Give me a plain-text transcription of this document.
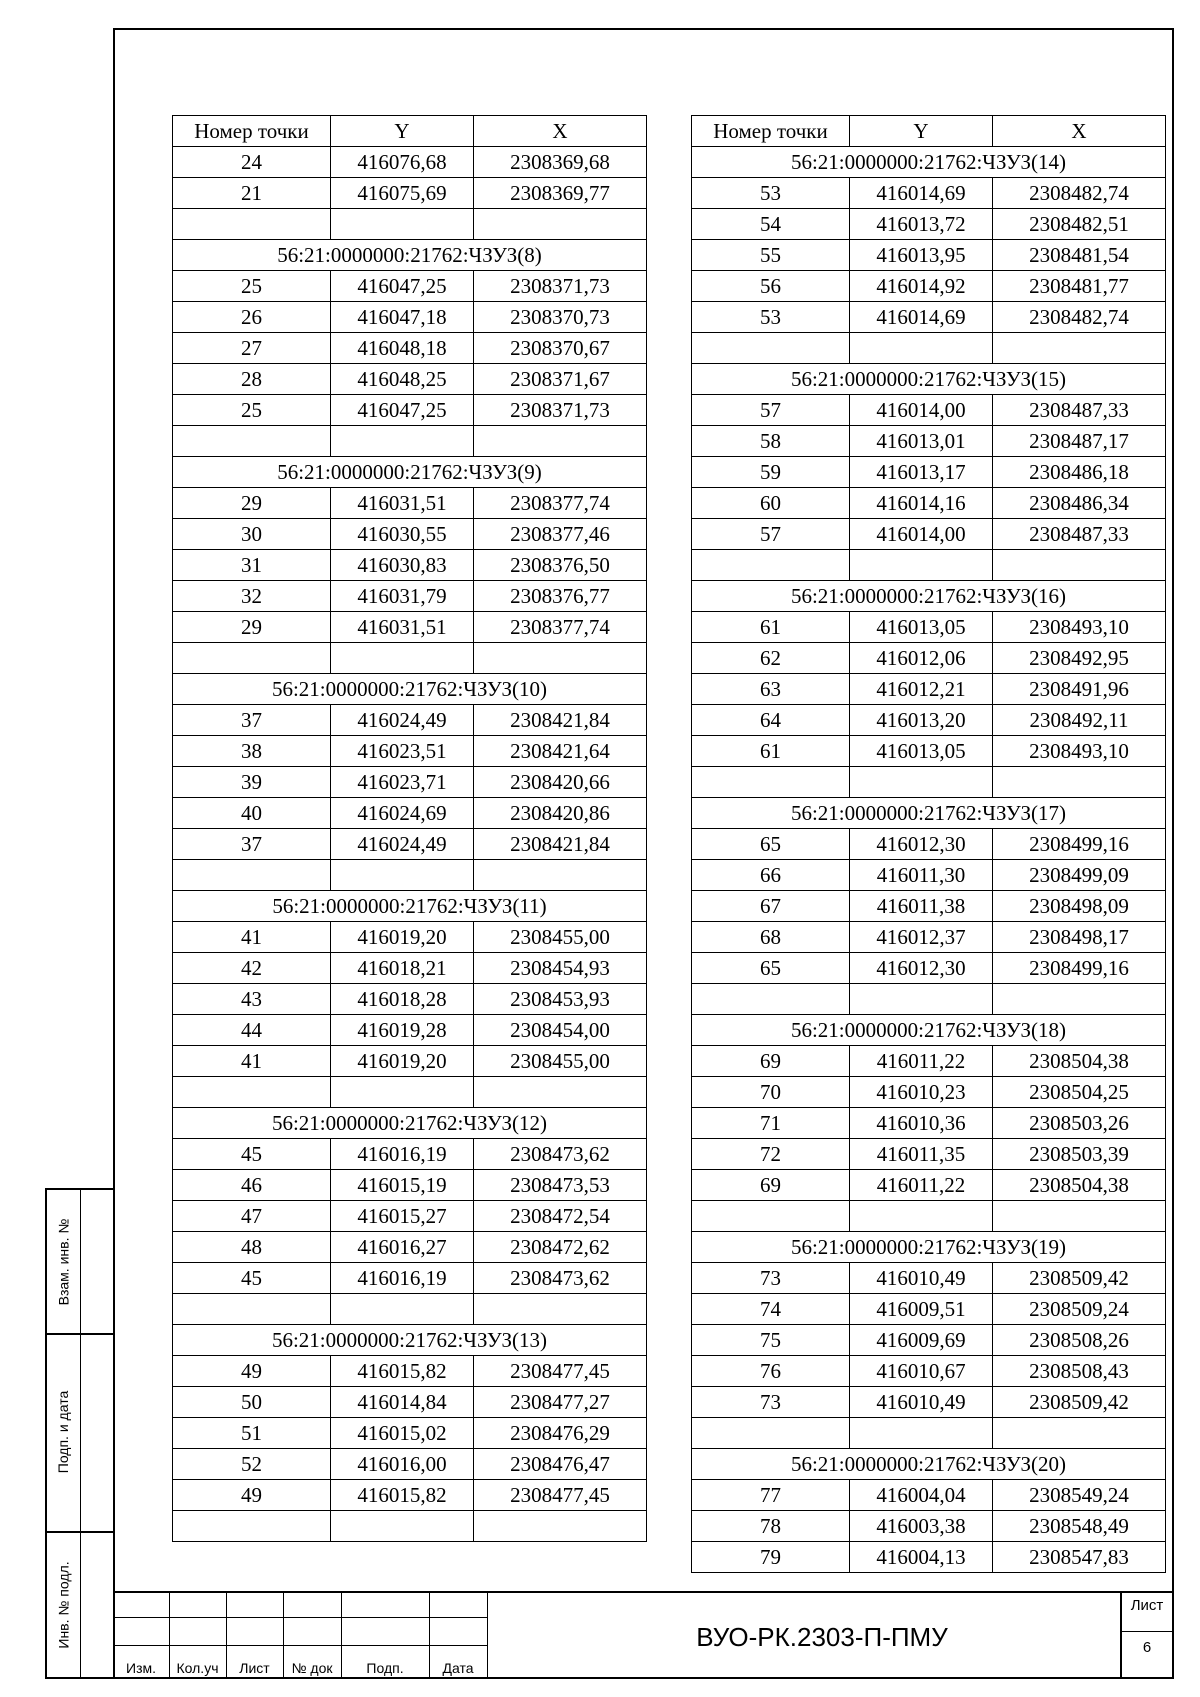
Номер точки	Y	X
24	416076,68	2308369,68
21	416075,69	2308369,77

56:21:0000000:21762:ЧЗУЗ(8)		
25	416047,25	2308371,73
26	416047,18	2308370,73
27	416048,18	2308370,67
28	416048,25	2308371,67
25	416047,25	2308371,73

56:21:0000000:21762:ЧЗУЗ(9)		
29	416031,51	2308377,74
30	416030,55	2308377,46
31	416030,83	2308376,50
32	416031,79	2308376,77
29	416031,51	2308377,74

56:21:0000000:21762:ЧЗУЗ(10)		
37	416024,49	2308421,84
38	416023,51	2308421,64
39	416023,71	2308420,66
40	416024,69	2308420,86
37	416024,49	2308421,84

56:21:0000000:21762:ЧЗУЗ(11)		
41	416019,20	2308455,00
42	416018,21	2308454,93
43	416018,28	2308453,93
44	416019,28	2308454,00
41	416019,20	2308455,00

56:21:0000000:21762:ЧЗУЗ(12)		
45	416016,19	2308473,62
46	416015,19	2308473,53
47	416015,27	2308472,54
48	416016,27	2308472,62
45	416016,19	2308473,62

56:21:0000000:21762:ЧЗУЗ(13)		
49	416015,82	2308477,45
50	416014,84	2308477,27
51	416015,02	2308476,29
52	416016,00	2308476,47
49	416015,82	2308477,45

Номер точки	Y	X
56:21:0000000:21762:ЧЗУЗ(14)		
53	416014,69	2308482,74
54	416013,72	2308482,51
55	416013,95	2308481,54
56	416014,92	2308481,77
53	416014,69	2308482,74

56:21:0000000:21762:ЧЗУЗ(15)		
57	416014,00	2308487,33
58	416013,01	2308487,17
59	416013,17	2308486,18
60	416014,16	2308486,34
57	416014,00	2308487,33

56:21:0000000:21762:ЧЗУЗ(16)		
61	416013,05	2308493,10
62	416012,06	2308492,95
63	416012,21	2308491,96
64	416013,20	2308492,11
61	416013,05	2308493,10

56:21:0000000:21762:ЧЗУЗ(17)		
65	416012,30	2308499,16
66	416011,30	2308499,09
67	416011,38	2308498,09
68	416012,37	2308498,17
65	416012,30	2308499,16

56:21:0000000:21762:ЧЗУЗ(18)		
69	416011,22	2308504,38
70	416010,23	2308504,25
71	416010,36	2308503,26
72	416011,35	2308503,39
69	416011,22	2308504,38

56:21:0000000:21762:ЧЗУЗ(19)		
73	416010,49	2308509,42
74	416009,51	2308509,24
75	416009,69	2308508,26
76	416010,67	2308508,43
73	416010,49	2308509,42

56:21:0000000:21762:ЧЗУЗ(20)		
77	416004,04	2308549,24
78	416003,38	2308548,49
79	416004,13	2308547,83
Изм.	Кол.уч	Лист	№ док	Подп.	Дата
ВУО-РК.2303-П-ПМУ
Лист
6
Взам. инв. №
Подп. и дата
Инв. № подл.
